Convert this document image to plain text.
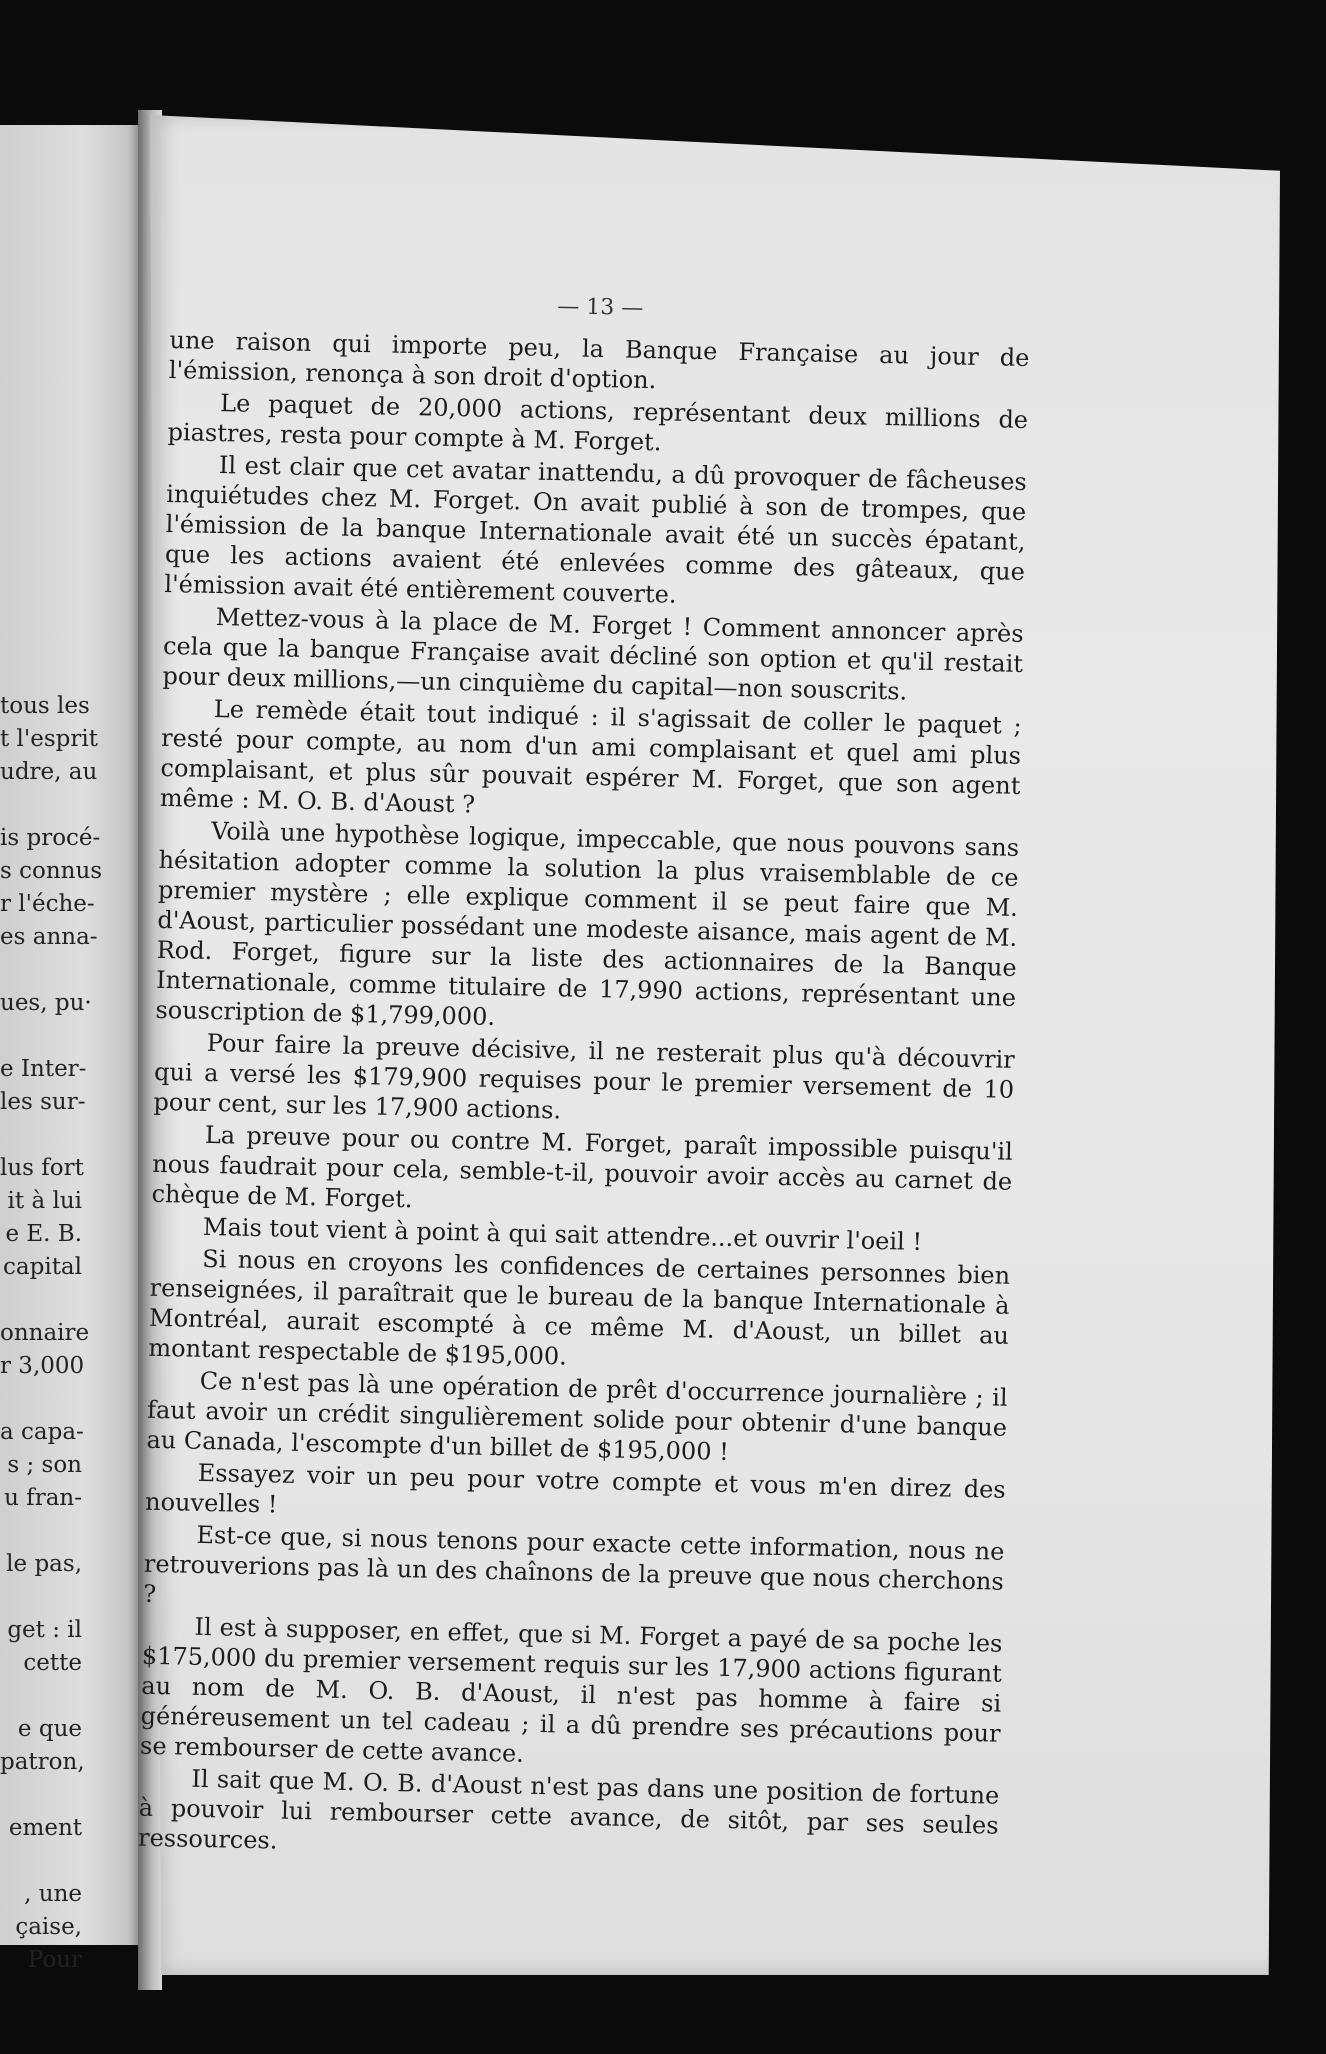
tous les
t l'esprit
udre, au
is procé-
s connus
r l'éche-
es anna-
ues, pu·
e Inter-
les sur-
lus fort
it à lui
e E. B.
capital
onnaire
r 3,000
a capa-
s ; son
u fran-
le pas,
get : il
cette
e que
patron,
ement
, une
çaise,
Pour
— 13 —

une raison qui importe peu, la Banque Française au jour de l'émission, renonça à son droit d'option.

Le paquet de 20,000 actions, représentant deux millions de piastres, resta pour compte à M. Forget.

Il est clair que cet avatar inattendu, a dû provoquer de fâcheuses inquiétudes chez M. Forget. On avait publié à son de trompes, que l'émission de la banque Internationale avait été un succès épatant, que les actions avaient été enlevées comme des gâteaux, que l'émission avait été entièrement couverte.

Mettez-vous à la place de M. Forget ! Comment annoncer après cela que la banque Française avait décliné son option et qu'il restait pour deux millions,—un cinquième du capital—non souscrits.

Le remède était tout indiqué : il s'agissait de coller le paquet ; resté pour compte, au nom d'un ami complaisant et quel ami plus complaisant, et plus sûr pouvait espérer M. Forget, que son agent même : M. O. B. d'Aoust ?

Voilà une hypothèse logique, impeccable, que nous pouvons sans hésitation adopter comme la solution la plus vraisemblable de ce premier mystère ; elle explique comment il se peut faire que M. d'Aoust, particulier possédant une modeste aisance, mais agent de M. Rod. Forget, figure sur la liste des actionnaires de la Banque Internationale, comme titulaire de 17,990 actions, représentant une souscription de $1,799,000.

Pour faire la preuve décisive, il ne resterait plus qu'à découvrir qui a versé les $179,900 requises pour le premier versement de 10 pour cent, sur les 17,900 actions.

La preuve pour ou contre M. Forget, paraît impossible puisqu'il nous faudrait pour cela, semble-t-il, pouvoir avoir accès au carnet de chèque de M. Forget.

Mais tout vient à point à qui sait attendre...et ouvrir l'oeil !

Si nous en croyons les confidences de certaines personnes bien renseignées, il paraîtrait que le bureau de la banque Internationale à Montréal, aurait escompté à ce même M. d'Aoust, un billet au montant respectable de $195,000.

Ce n'est pas là une opération de prêt d'occurrence journalière ; il faut avoir un crédit singulièrement solide pour obtenir d'une banque au Canada, l'escompte d'un billet de $195,000 !

Essayez voir un peu pour votre compte et vous m'en direz des nouvelles !

Est-ce que, si nous tenons pour exacte cette information, nous ne retrouverions pas là un des chaînons de la preuve que nous cherchons ?

Il est à supposer, en effet, que si M. Forget a payé de sa poche les $175,000 du premier versement requis sur les 17,900 actions figurant au nom de M. O. B. d'Aoust, il n'est pas homme à faire si généreusement un tel cadeau ; il a dû prendre ses précautions pour se rembourser de cette avance.

Il sait que M. O. B. d'Aoust n'est pas dans une position de fortune à pouvoir lui rembourser cette avance, de sitôt, par ses seules ressources.
